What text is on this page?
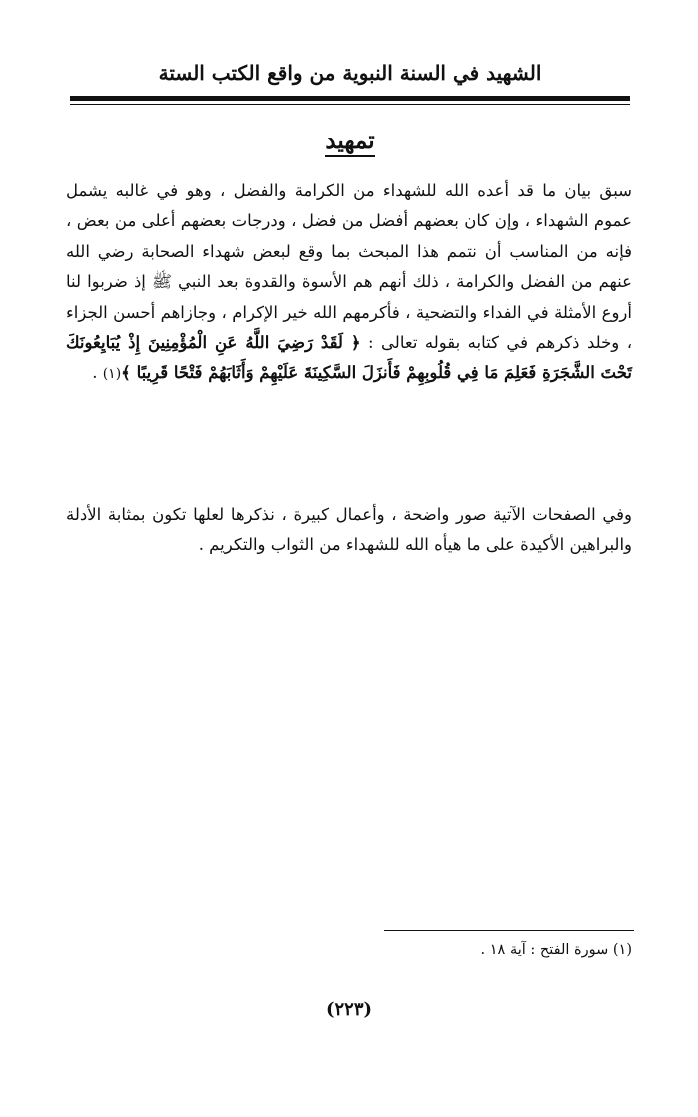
الشهيد في السنة النبوية من واقع الكتب الستة
تمهيد

سبق بيان ما قد أعده الله للشهداء من الكرامة والفضل ، وهو في غالبه يشمل عموم الشهداء ، وإن كان بعضهم أفضل من فضل ، ودرجات بعضهم أعلى من بعض ، فإنه من المناسب أن نتمم هذا المبحث بما وقع لبعض شهداء الصحابة رضي الله عنهم من الفضل والكرامة ، ذلك أنهم هم الأسوة والقدوة بعد النبي ﷺ إذ ضربوا لنا أروع الأمثلة في الفداء والتضحية ، فأكرمهم الله خير الإكرام ، وجازاهم أحسن الجزاء ، وخلد ذكرهم في كتابه بقوله تعالى : ﴿ لَقَدْ رَضِيَ اللَّهُ عَنِ الْمُؤْمِنِينَ إِذْ يُبَايِعُونَكَ تَحْتَ الشَّجَرَةِ فَعَلِمَ مَا فِي قُلُوبِهِمْ فَأَنزَلَ السَّكِينَةَ عَلَيْهِمْ وَأَثَابَهُمْ فَتْحًا قَرِيبًا ﴾(١) .

وفي الصفحات الآتية صور واضحة ، وأعمال كبيرة ، نذكرها لعلها تكون بمثابة الأدلة والبراهين الأكيدة على ما هيأه الله للشهداء من الثواب والتكريم .

(١) سورة الفتح : آية ١٨ .
(٢٢٣)
